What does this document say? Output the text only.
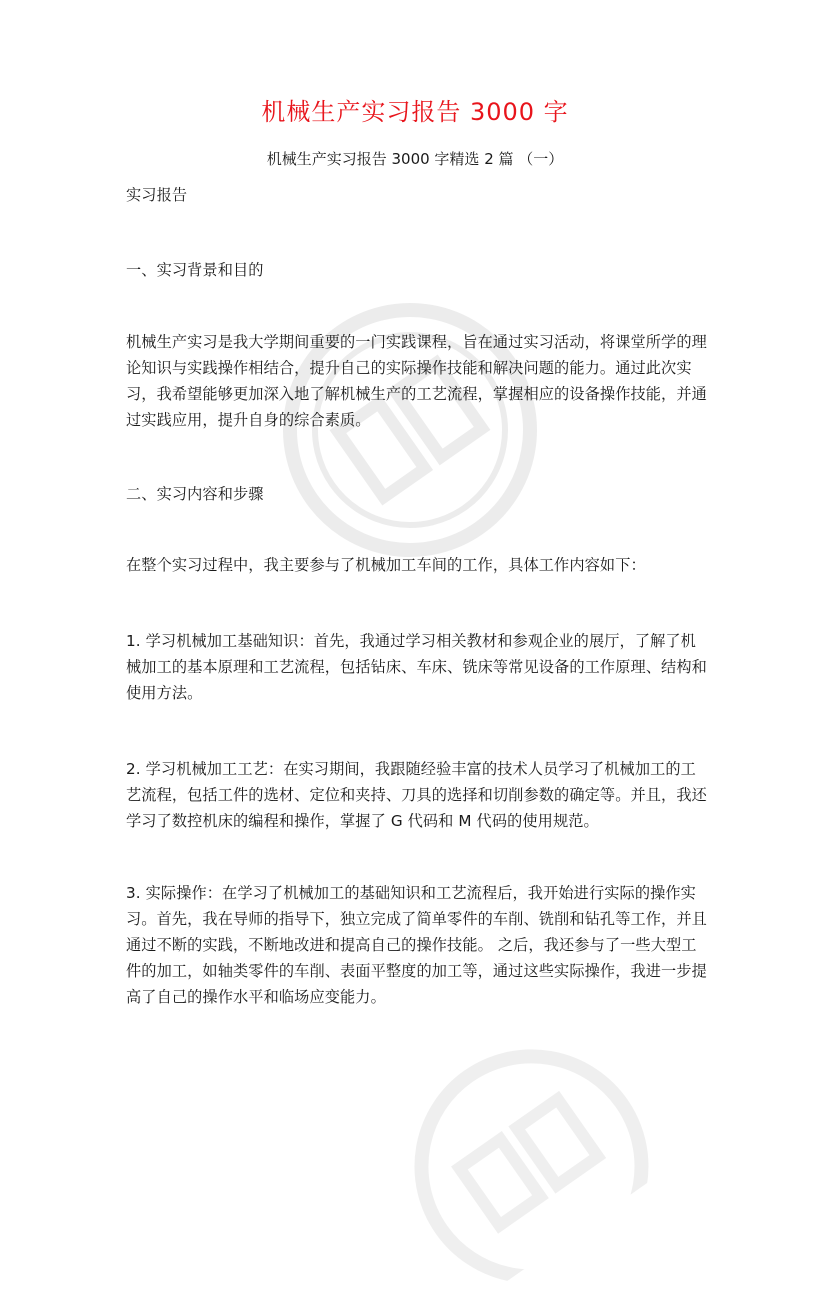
机械生产实习报告 3000 字

机械生产实习报告 3000 字精选 2 篇 （一）

实习报告

一、实习背景和目的

机械生产实习是我大学期间重要的一门实践课程，旨在通过实习活动，将课堂所学的理论知识与实践操作相结合，提升自己的实际操作技能和解决问题的能力。通过此次实习，我希望能够更加深入地了解机械生产的工艺流程，掌握相应的设备操作技能，并通过实践应用，提升自身的综合素质。

二、实习内容和步骤

在整个实习过程中，我主要参与了机械加工车间的工作，具体工作内容如下：

1. 学习机械加工基础知识：首先，我通过学习相关教材和参观企业的展厅，了解了机械加工的基本原理和工艺流程，包括钻床、车床、铣床等常见设备的工作原理、结构和使用方法。

2. 学习机械加工工艺：在实习期间，我跟随经验丰富的技术人员学习了机械加工的工艺流程，包括工件的选材、定位和夹持、刀具的选择和切削参数的确定等。并且，我还学习了数控机床的编程和操作，掌握了 G 代码和 M 代码的使用规范。

3. 实际操作：在学习了机械加工的基础知识和工艺流程后，我开始进行实际的操作实习。首先，我在导师的指导下，独立完成了简单零件的车削、铣削和钻孔等工作，并且通过不断的实践，不断地改进和提高自己的操作技能。 之后，我还参与了一些大型工件的加工，如轴类零件的车削、表面平整度的加工等，通过这些实际操作，我进一步提高了自己的操作水平和临场应变能力。
